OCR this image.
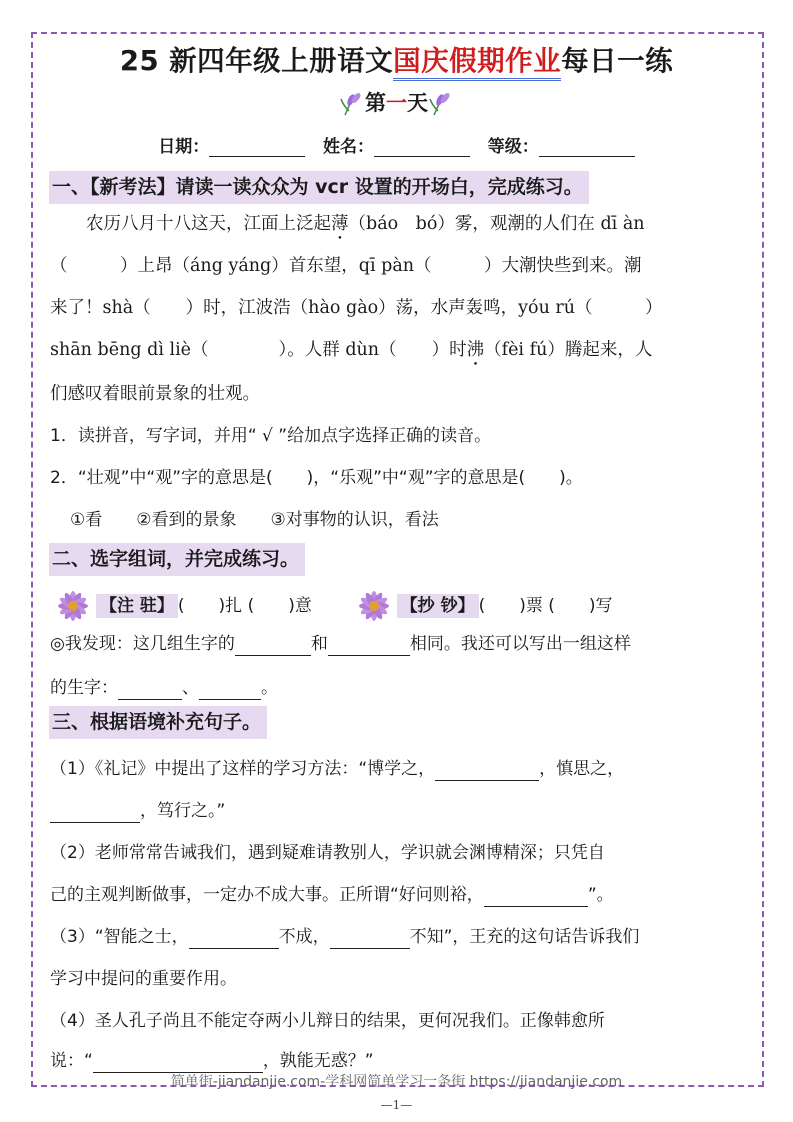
25 新四年级上册语文国庆假期作业每日一练
第一天
日期：	姓名：	等级：
一、【新考法】请读一读众众为 vcr 设置的开场白，完成练习。
农历八月十八这天，江面上泛起薄（báo　bó）雾，观潮的人们在 dī àn
（　　　）上昂（áng yáng）首东望，qī pàn（　　　）大潮快些到来。潮
来了！shà（　　）时，江波浩（hào gào）荡，水声轰鸣，yóu rú（　　　）
shān bēng dì liè（　　　　）。人群 dùn（　　）时沸（fèi fú）腾起来，人
们感叹着眼前景象的壮观。
1．读拼音，写字词，并用“ √ ”给加点字选择正确的读音。
2．“壮观”中“观”字的意思是(　　)，“乐观”中“观”字的意思是(　　)。
①看　　②看到的景象　　③对事物的认识，看法
二、选字组词，并完成练习。
【注 驻】 (　　)扎 (　　)意	【抄 钞】 (　　)票 (　　)写
◎我发现：这几组生字的	和	相同。我还可以写出一组这样
的生字：	、	。
三、根据语境补充句子。
（1）《礼记》中提出了这样的学习方法：“博学之，	，慎思之，
，笃行之。”
（2）老师常常告诫我们，遇到疑难请教别人，学识就会渊博精深；只凭自
己的主观判断做事，一定办不成大事。正所谓“好问则裕，	”。
（3）“智能之士，	不成，	不知”，王充的这句话告诉我们
学习中提问的重要作用。
（4）圣人孔子尚且不能定夺两小儿辩日的结果，更何况我们。正像韩愈所
说：“	，孰能无惑？”
简单街-jiandanjie.com-学科网简单学习一条街 https://jiandanjie.com
—1—
